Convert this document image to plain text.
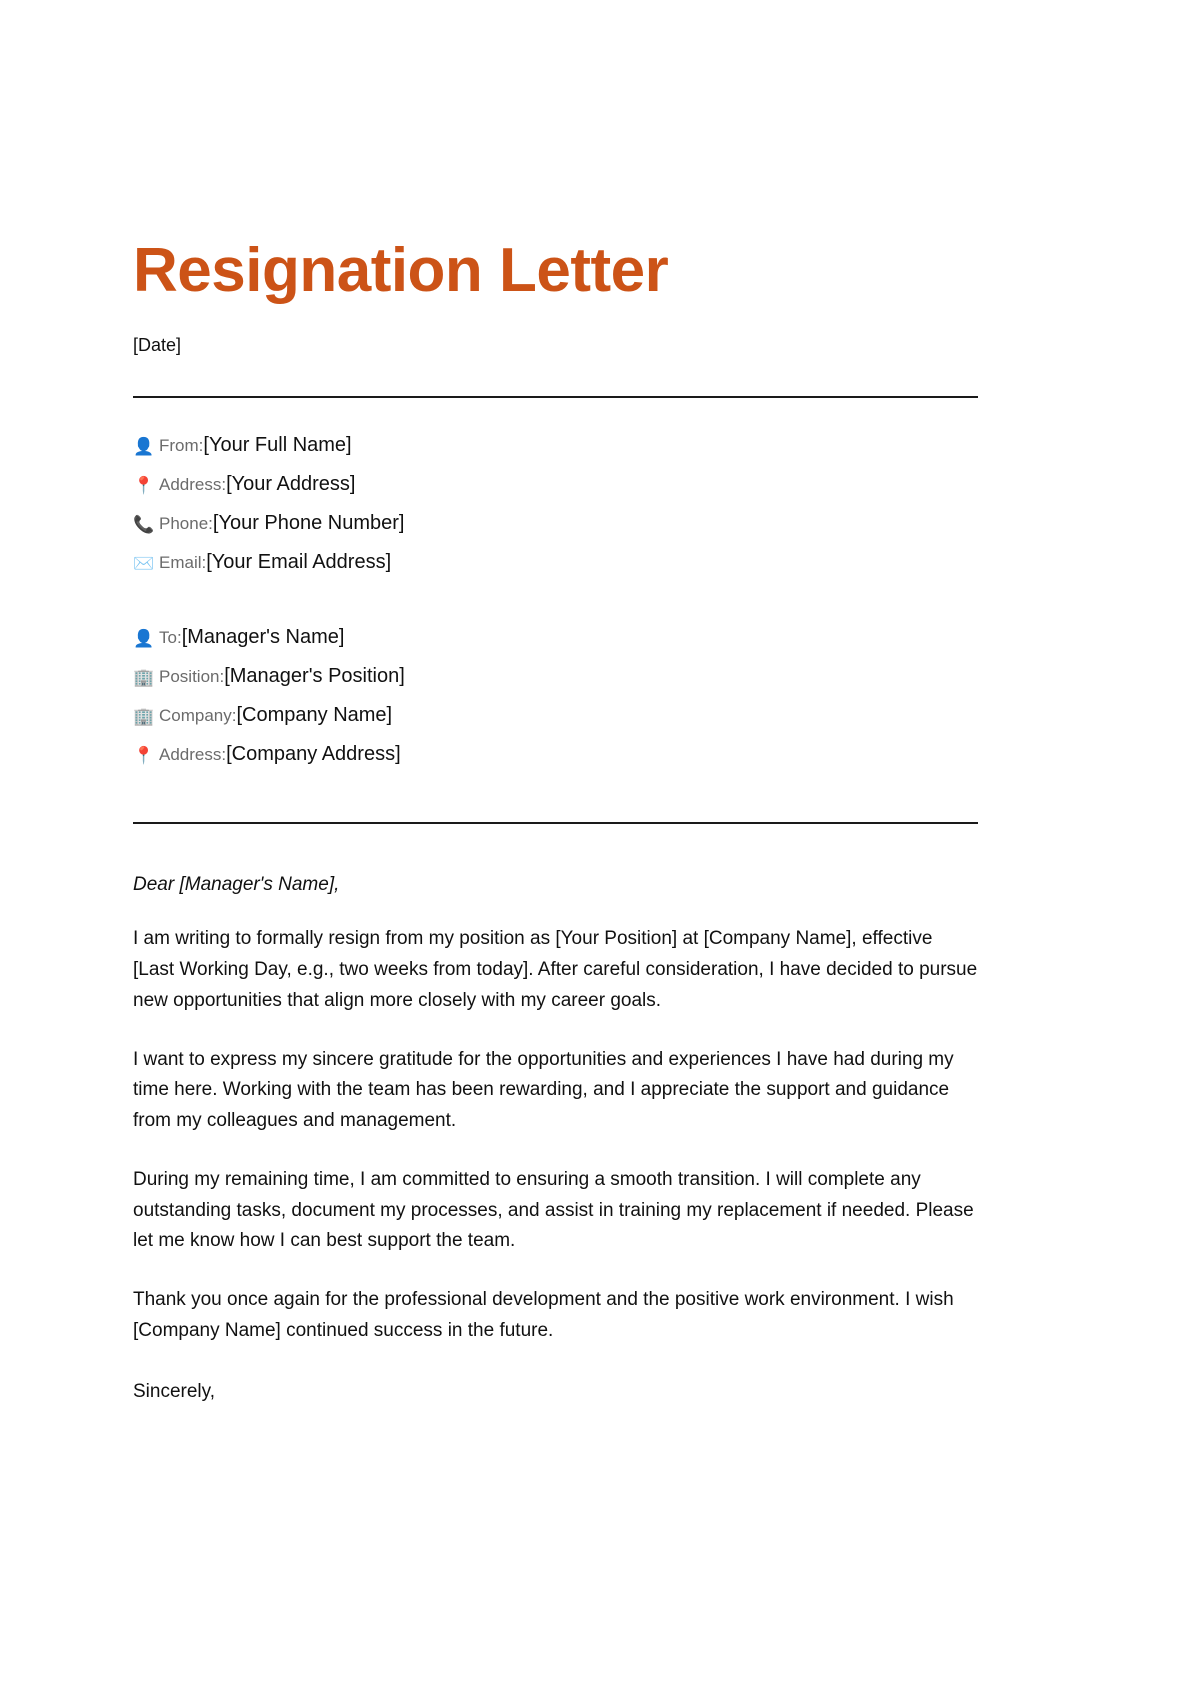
Resignation Letter
[Date]
👤 From: [Your Full Name]
📍 Address: [Your Address]
📞 Phone: [Your Phone Number]
✉️ Email: [Your Email Address]
👤 To: [Manager's Name]
🏢 Position: [Manager's Position]
🏢 Company: [Company Name]
📍 Address: [Company Address]
Dear [Manager's Name],

I am writing to formally resign from my position as [Your Position] at [Company Name], effective [Last Working Day, e.g., two weeks from today]. After careful consideration, I have decided to pursue new opportunities that align more closely with my career goals.

I want to express my sincere gratitude for the opportunities and experiences I have had during my time here. Working with the team has been rewarding, and I appreciate the support and guidance from my colleagues and management.

During my remaining time, I am committed to ensuring a smooth transition. I will complete any outstanding tasks, document my processes, and assist in training my replacement if needed. Please let me know how I can best support the team.

Thank you once again for the professional development and the positive work environment. I wish [Company Name] continued success in the future.

Sincerely,
